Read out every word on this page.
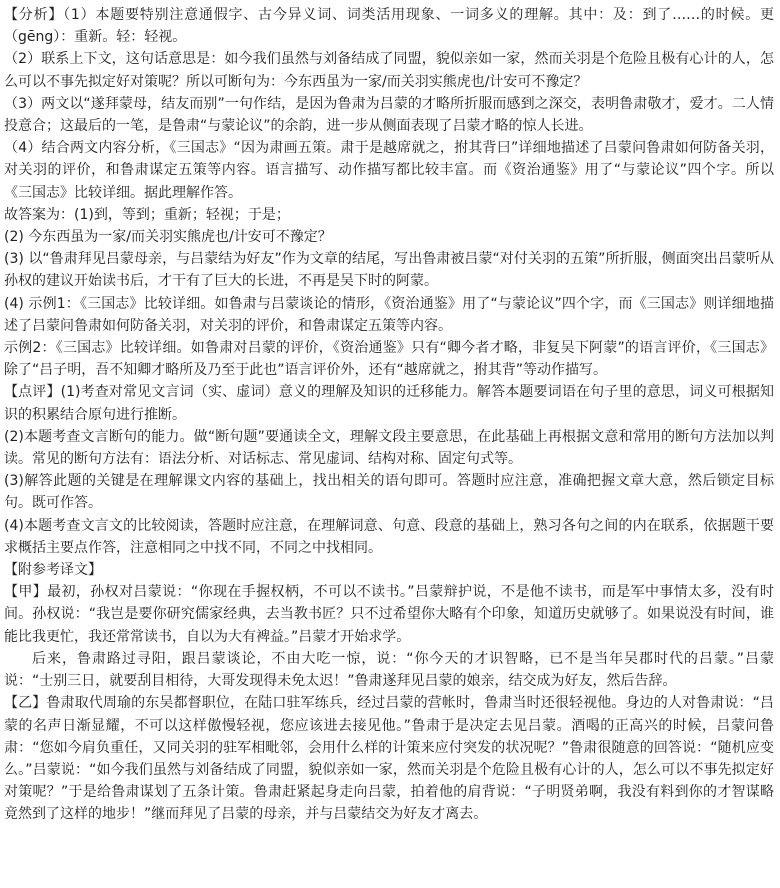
【分析】（1）本题要特别注意通假字、古今异义词、词类活用现象、一词多义的理解。其中：及：到了……的时候。更（gēng）：重新。轻：轻视。

（2）联系上下文，这句话意思是：如今我们虽然与刘备结成了同盟，貌似亲如一家，然而关羽是个危险且极有心计的人，怎么可以不事先拟定好对策呢？所以可断句为：今东西虽为一家/而关羽实熊虎也/计安可不豫定？

（3）两文以“遂拜蒙母，结友而别”一句作结，是因为鲁肃为吕蒙的才略所折服而感到之深交，表明鲁肃敬才，爱才。二人情投意合；这最后的一笔，是鲁肃“与蒙论议”的余韵，进一步从侧面表现了吕蒙才略的惊人长进。

（4）结合两文内容分析，《三国志》“因为肃画五策。肃于是越席就之，拊其背曰”详细地描述了吕蒙问鲁肃如何防备关羽，对关羽的评价，和鲁肃谋定五策等内容。语言描写、动作描写都比较丰富。而《资治通鉴》用了“与蒙论议”四个字。所以《三国志》比较详细。据此理解作答。

故答案为：(1)到，等到；重新；轻视；于是；

(2) 今东西虽为一家/而关羽实熊虎也/计安可不豫定？

(3) 以“鲁肃拜见吕蒙母亲，与吕蒙结为好友”作为文章的结尾，写出鲁肃被吕蒙“对付关羽的五策”所折服，侧面突出吕蒙听从孙权的建议开始读书后，才干有了巨大的长进，不再是吴下时的阿蒙。

(4) 示例1：《三国志》比较详细。如鲁肃与吕蒙谈论的情形，《资治通鉴》用了“与蒙论议”四个字，而《三国志》则详细地描述了吕蒙问鲁肃如何防备关羽，对关羽的评价，和鲁肃谋定五策等内容。

示例2：《三国志》比较详细。如鲁肃对吕蒙的评价，《资治通鉴》只有“卿今者才略，非复吴下阿蒙”的语言评价，《三国志》除了“吕子明，吾不知卿才略所及乃至于此也”语言评价外，还有“越席就之，拊其背”等动作描写。

【点评】(1)考查对常见文言词（实、虚词）意义的理解及知识的迁移能力。解答本题要词语在句子里的意思，词义可根据知识的积累结合原句进行推断。

(2)本题考查文言断句的能力。做“断句题”要通读全文，理解文段主要意思，在此基础上再根据文意和常用的断句方法加以判读。常见的断句方法有：语法分析、对话标志、常见虚词、结构对称、固定句式等。

(3)解答此题的关键是在理解课文内容的基础上，找出相关的语句即可。答题时应注意，准确把握文章大意，然后锁定目标句。既可作答。

(4)本题考查文言文的比较阅读，答题时应注意，在理解词意、句意、段意的基础上，熟习各句之间的内在联系，依据题干要求概括主要点作答，注意相同之中找不同，不同之中找相同。

【附参考译文】

【甲】最初，孙权对吕蒙说：“你现在手握权柄，不可以不读书。”吕蒙辩护说，不是他不读书，而是军中事情太多，没有时间。孙权说：“我岂是要你研究儒家经典，去当教书匠？只不过希望你大略有个印象，知道历史就够了。如果说没有时间，谁能比我更忙，我还常常读书，自以为大有裨益。”吕蒙才开始求学。

后来，鲁肃路过寻阳，跟吕蒙谈论，不由大吃一惊，说：“你今天的才识智略，已不是当年吴郡时代的吕蒙。”吕蒙说：“士别三日，就要刮目相待，大哥发现得未免太迟！”鲁肃遂拜见吕蒙的娘亲，结交成为好友，然后告辞。

【乙】鲁肃取代周瑜的东吴都督职位，在陆口驻军练兵，经过吕蒙的营帐时，鲁肃当时还很轻视他。身边的人对鲁肃说：“吕蒙的名声日渐显耀，不可以这样傲慢轻视，您应该进去接见他。”鲁肃于是决定去见吕蒙。酒喝的正高兴的时候，吕蒙问鲁肃：“您如今肩负重任，又同关羽的驻军相毗邻，会用什么样的计策来应付突发的状况呢？”鲁肃很随意的回答说：“随机应变么。”吕蒙说：“如今我们虽然与刘备结成了同盟，貌似亲如一家，然而关羽是个危险且极有心计的人，怎么可以不事先拟定好对策呢？”于是给鲁肃谋划了五条计策。鲁肃赶紧起身走向吕蒙，拍着他的肩背说：“子明贤弟啊，我没有料到你的才智谋略竟然到了这样的地步！”继而拜见了吕蒙的母亲，并与吕蒙结交为好友才离去。
